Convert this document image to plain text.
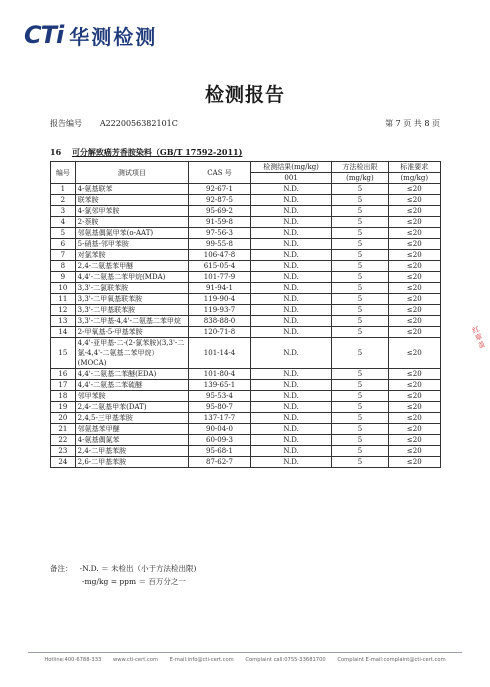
CTi 华测检测
检测报告
报告编号 A2220056382101C	第 7 页 共 8 页
16 可分解致癌芳香胺染料（GB/T 17592-2011)
编号	测试项目	CAS 号	检测结果(mg/kg)	方法检出限	标准要求
			001	(mg/kg)	(mg/kg)
1	4-氨基联苯	92-67-1	N.D.	5	≤20
2	联苯胺	92-87-5	N.D.	5	≤20
3	4-氯邻甲苯胺	95-69-2	N.D.	5	≤20
4	2-萘胺	91-59-8	N.D.	5	≤20
5	邻氨基偶氮甲苯(o-AAT)	97-56-3	N.D.	5	≤20
6	5-硝基-邻甲苯胺	99-55-8	N.D.	5	≤20
7	对氯苯胺	106-47-8	N.D.	5	≤20
8	2,4-二氨基苯甲醚	615-05-4	N.D.	5	≤20
9	4,4'-二氨基二苯甲烷(MDA)	101-77-9	N.D.	5	≤20
10	3,3'-二氯联苯胺	91-94-1	N.D.	5	≤20
11	3,3'-二甲氧基联苯胺	119-90-4	N.D.	5	≤20
12	3,3'-二甲基联苯胺	119-93-7	N.D.	5	≤20
13	3,3'-二甲基-4,4'-二氨基二苯甲烷	838-88-0	N.D.	5	≤20
14	2-甲氧基-5-甲基苯胺	120-71-8	N.D.	5	≤20
15	4,4'-亚甲基-二-(2-氯苯胺)(3,3'-二氯-4,4'-二氨基二苯甲烷）(MOCA)	101-14-4	N.D.	5	≤20
16	4,4'-二氨基二苯醚(EDA)	101-80-4	N.D.	5	≤20
17	4,4'-二氨基二苯硫醚	139-65-1	N.D.	5	≤20
18	邻甲苯胺	95-53-4	N.D.	5	≤20
19	2,4-二氨基甲苯(DAT)	95-80-7	N.D.	5	≤20
20	2,4,5-三甲基苯胺	137-17-7	N.D.	5	≤20
21	邻氨基苯甲醚	90-04-0	N.D.	5	≤20
22	4-氨基偶氮苯	60-09-3	N.D.	5	≤20
23	2,4-二甲基苯胺	95-68-1	N.D.	5	≤20
24	2,6-二甲基苯胺	87-62-7	N.D.	5	≤20
备注： -N.D. ＝ 未检出（小于方法检出限)
-mg/kg = ppm ＝ 百万分之一
红章盖
Hotline:400-6788-333 www.cti-cert.com E-mail:info@cti-cert.com Complaint call:0755-33681700 Complaint E-mail:complaint@cti-cert.com
